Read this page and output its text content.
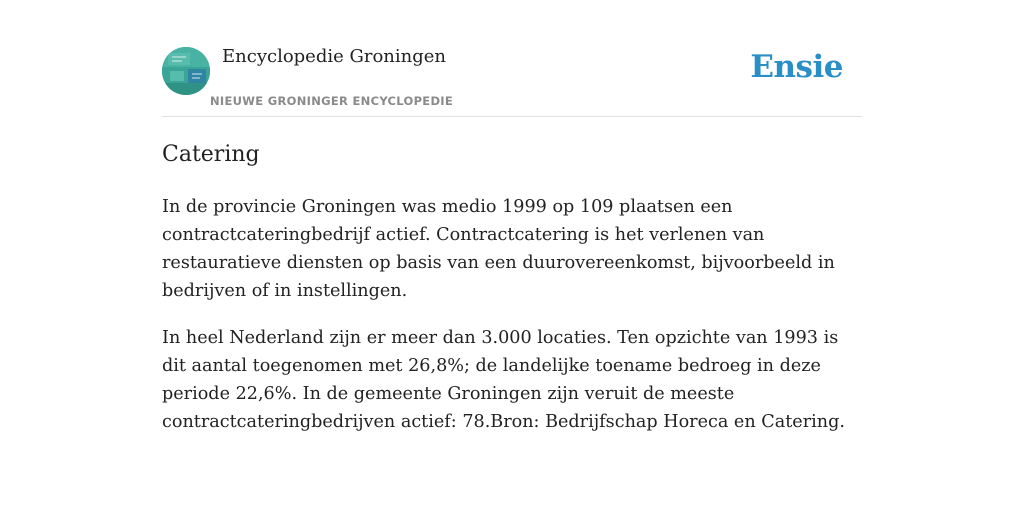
Encyclopedie Groningen
NIEUWE GRONINGER ENCYCLOPEDIE
Ensie
Catering

In de provincie Groningen was medio 1999 op 109 plaatsen een contractcateringbedrijf actief. Contractcatering is het verlenen van restauratieve diensten op basis van een duurovereenkomst, bijvoorbeeld in bedrijven of in instellingen.

In heel Nederland zijn er meer dan 3.000 locaties. Ten opzichte van 1993 is dit aantal toegenomen met 26,8%; de landelijke toename bedroeg in deze periode 22,6%. In de gemeente Groningen zijn veruit de meeste contractcateringbedrijven actief: 78.Bron: Bedrijfschap Horeca en Catering.
